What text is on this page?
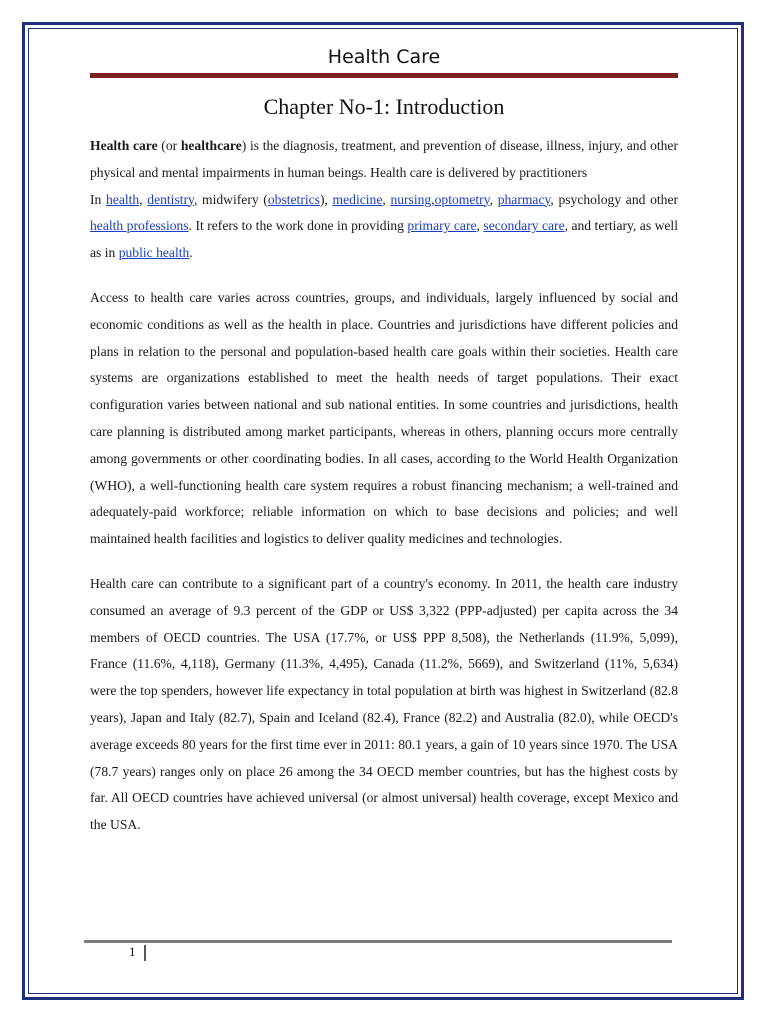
Health Care
Chapter No-1: Introduction

Health care (or healthcare) is the diagnosis, treatment, and prevention of disease, illness, injury, and other physical and mental impairments in human beings. Health care is delivered by practitioners
In health, dentistry, midwifery (obstetrics), medicine, nursing,optometry, pharmacy, psychology and other health professions. It refers to the work done in providing primary care, secondary care, and tertiary, as well as in public health.

Access to health care varies across countries, groups, and individuals, largely influenced by social and economic conditions as well as the health in place. Countries and jurisdictions have different policies and plans in relation to the personal and population-based health care goals within their societies. Health care systems are organizations established to meet the health needs of target populations. Their exact configuration varies between national and sub national entities. In some countries and jurisdictions, health care planning is distributed among market participants, whereas in others, planning occurs more centrally among governments or other coordinating bodies. In all cases, according to the World Health Organization (WHO), a well-functioning health care system requires a robust financing mechanism; a well-trained and adequately-paid workforce; reliable information on which to base decisions and policies; and well maintained health facilities and logistics to deliver quality medicines and technologies.

Health care can contribute to a significant part of a country's economy. In 2011, the health care industry consumed an average of 9.3 percent of the GDP or US$ 3,322 (PPP-adjusted) per capita across the 34 members of OECD countries. The USA (17.7%, or US$ PPP 8,508), the Netherlands (11.9%, 5,099), France (11.6%, 4,118), Germany (11.3%, 4,495), Canada (11.2%, 5669), and Switzerland (11%, 5,634) were the top spenders, however life expectancy in total population at birth was highest in Switzerland (82.8 years), Japan and Italy (82.7), Spain and Iceland (82.4), France (82.2) and Australia (82.0), while OECD's average exceeds 80 years for the first time ever in 2011: 80.1 years, a gain of 10 years since 1970. The USA (78.7 years) ranges only on place 26 among the 34 OECD member countries, but has the highest costs by far. All OECD countries have achieved universal (or almost universal) health coverage, except Mexico and the USA.

1
